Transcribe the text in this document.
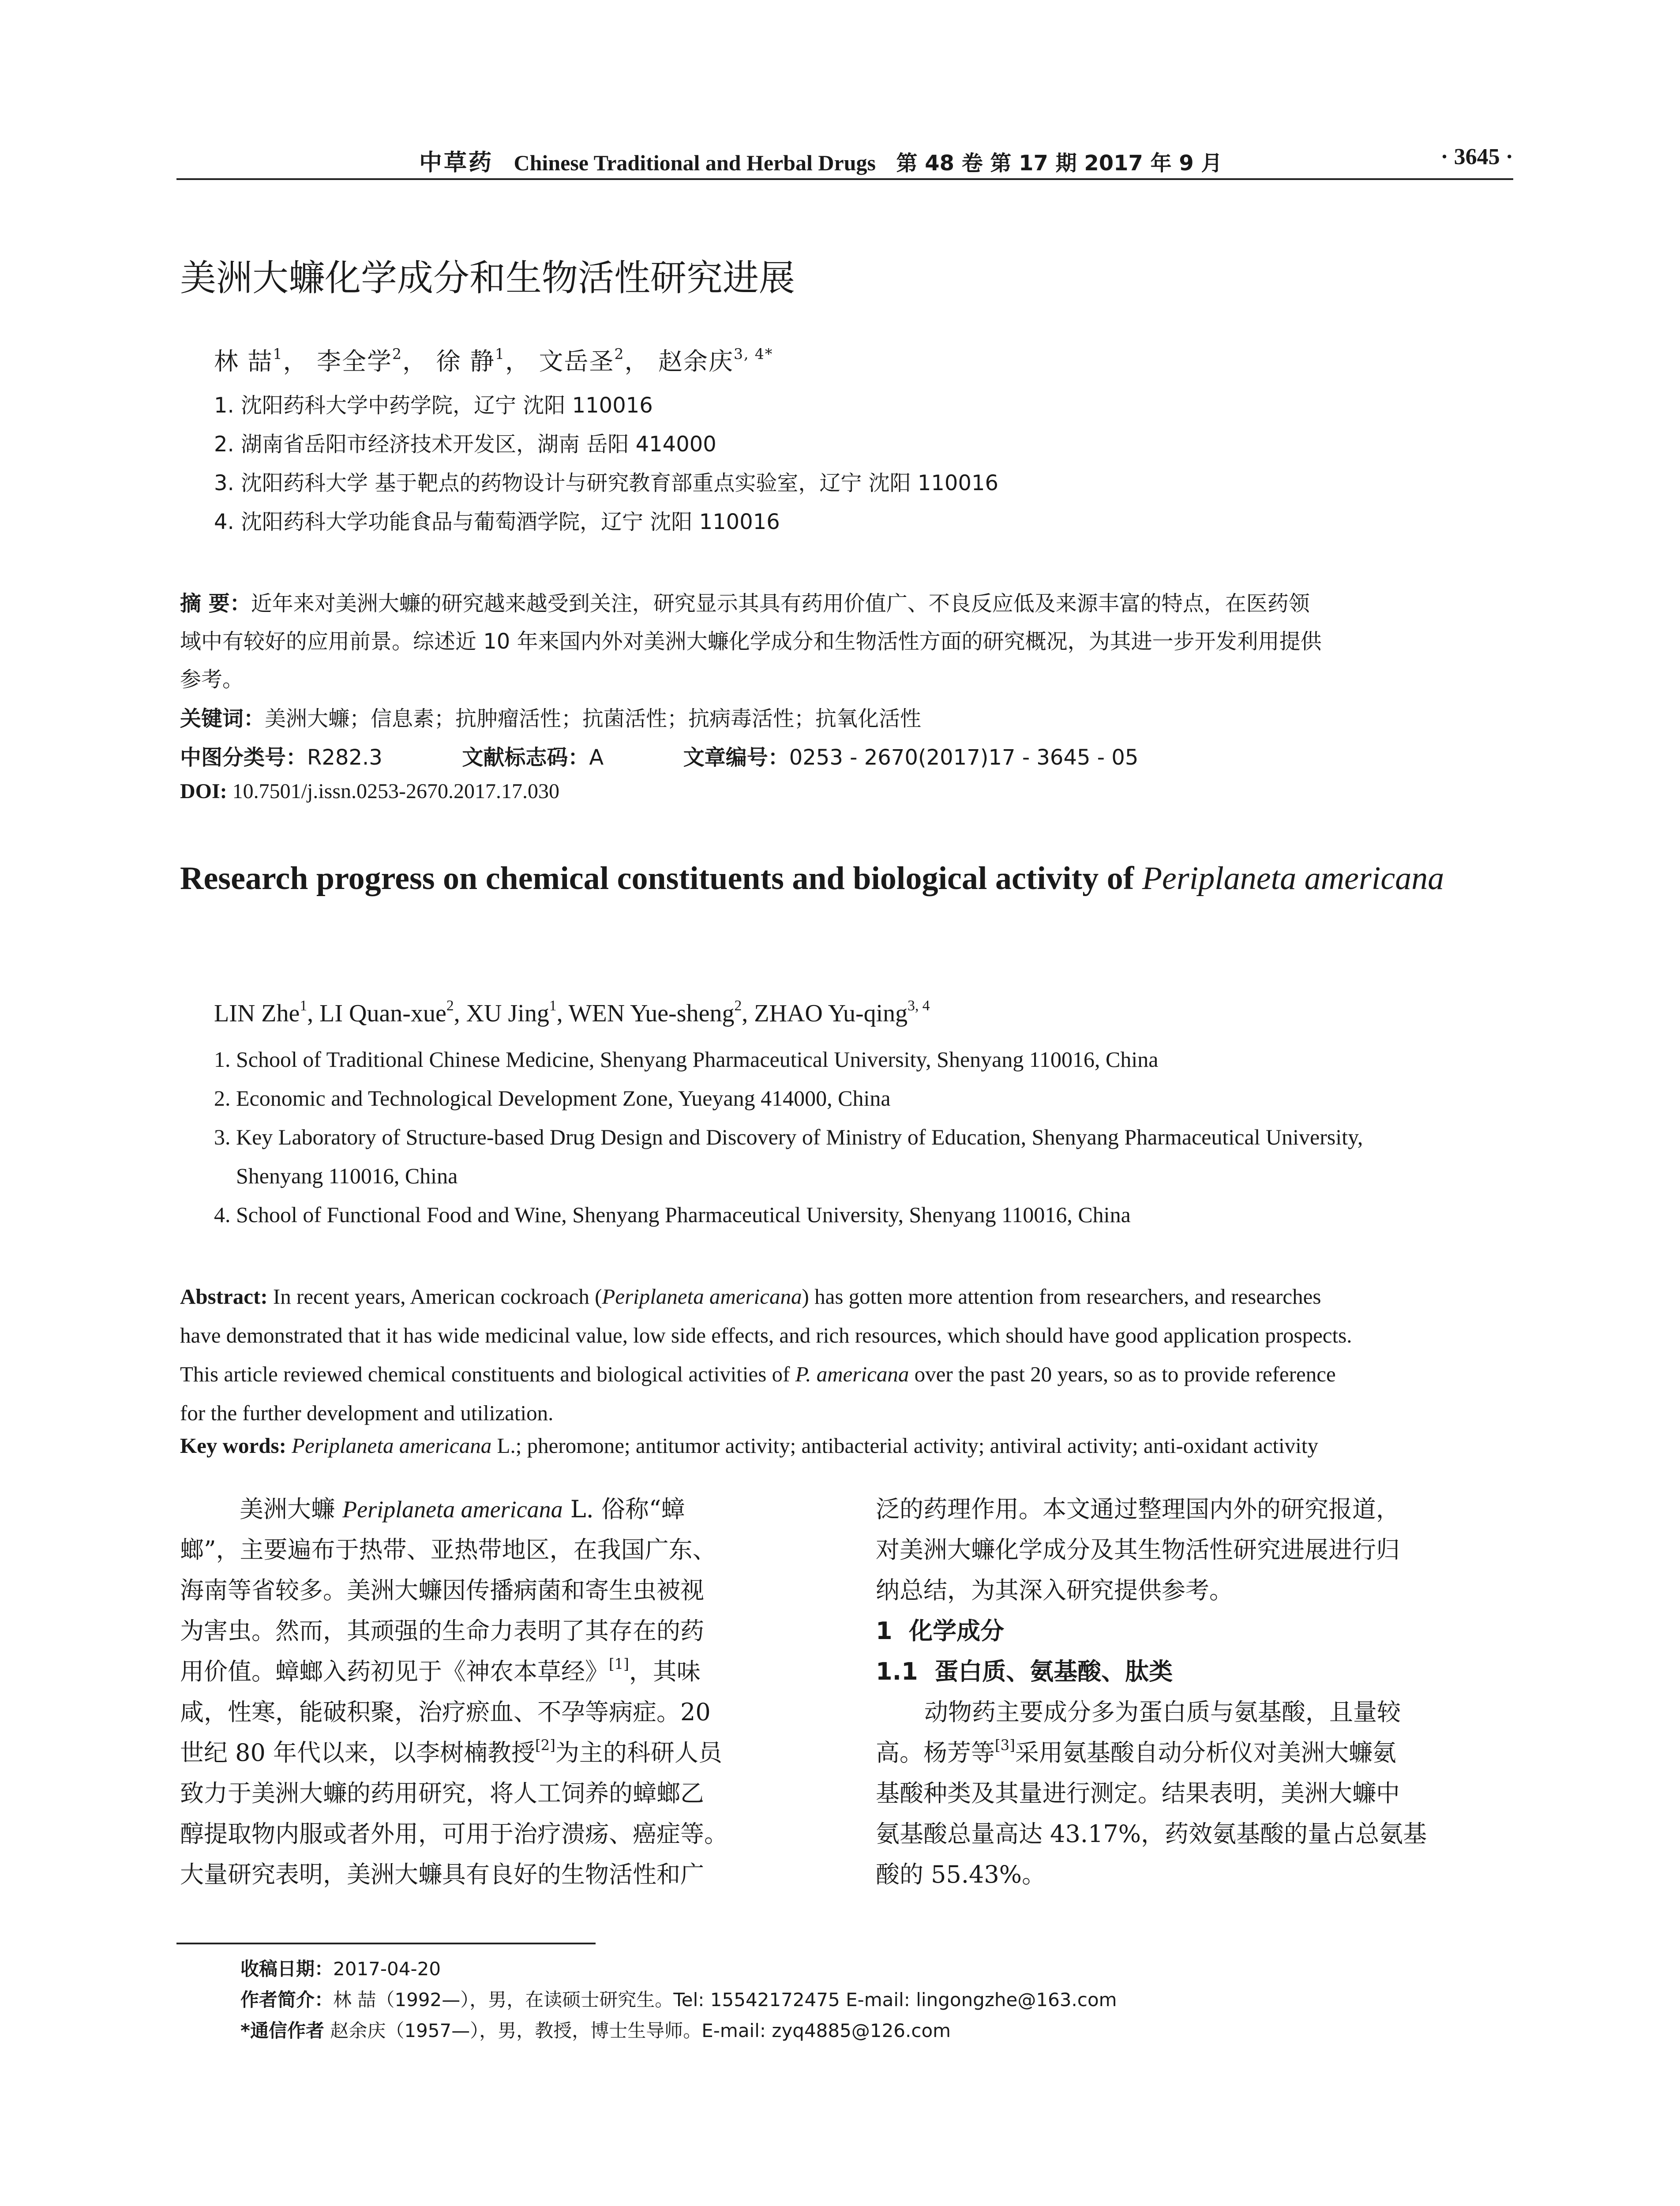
中草药 Chinese Traditional and Herbal Drugs 第 48 卷 第 17 期 2017 年 9 月	· 3645 ·
美洲大蠊化学成分和生物活性研究进展
林 喆$^1$， 李全学$^2$， 徐 静$^1$， 文岳圣$^2$， 赵余庆$^{3, 4*}$
1. 沈阳药科大学中药学院，辽宁 沈阳 110016
2. 湖南省岳阳市经济技术开发区，湖南 岳阳 414000
3. 沈阳药科大学 基于靶点的药物设计与研究教育部重点实验室，辽宁 沈阳 110016
4. 沈阳药科大学功能食品与葡萄酒学院，辽宁 沈阳 110016
摘 要：近年来对美洲大蠊的研究越来越受到关注，研究显示其具有药用价值广、不良反应低及来源丰富的特点，在医药领
域中有较好的应用前景。综述近 10 年来国内外对美洲大蠊化学成分和生物活性方面的研究概况，为其进一步开发利用提供
参考。
关键词：美洲大蠊；信息素；抗肿瘤活性；抗菌活性；抗病毒活性；抗氧化活性
中图分类号：R282.3	文献标志码：A	文章编号：0253 - 2670(2017)17 - 3645 - 05
DOI: 10.7501/j.issn.0253-2670.2017.17.030
Research progress on chemical constituents and biological activity of Periplaneta americana
LIN Zhe$^1$, LI Quan-xue$^2$, XU Jing$^1$, WEN Yue-sheng$^2$, ZHAO Yu-qing$^{3, 4}$
1. School of Traditional Chinese Medicine, Shenyang Pharmaceutical University, Shenyang 110016, China
2. Economic and Technological Development Zone, Yueyang 414000, China
3. Key Laboratory of Structure-based Drug Design and Discovery of Ministry of Education, Shenyang Pharmaceutical University,
Shenyang 110016, China
4. School of Functional Food and Wine, Shenyang Pharmaceutical University, Shenyang 110016, China
Abstract: In recent years, American cockroach (Periplaneta americana) has gotten more attention from researchers, and researches
have demonstrated that it has wide medicinal value, low side effects, and rich resources, which should have good application prospects.
This article reviewed chemical constituents and biological activities of P. americana over the past 20 years, so as to provide reference
for the further development and utilization.
Key words: Periplaneta americana L.; pheromone; antitumor activity; antibacterial activity; antiviral activity; anti-oxidant activity
美洲大蠊 Periplaneta americana L. 俗称“蟑
螂”，主要遍布于热带、亚热带地区，在我国广东、
海南等省较多。美洲大蠊因传播病菌和寄生虫被视
为害虫。然而，其顽强的生命力表明了其存在的药
用价值。蟑螂入药初见于《神农本草经》[1]，其味
咸，性寒，能破积聚，治疗瘀血、不孕等病症。20
世纪 80 年代以来，以李树楠教授[2]为主的科研人员
致力于美洲大蠊的药用研究，将人工饲养的蟑螂乙
醇提取物内服或者外用，可用于治疗溃疡、癌症等。
大量研究表明，美洲大蠊具有良好的生物活性和广
泛的药理作用。本文通过整理国内外的研究报道，
对美洲大蠊化学成分及其生物活性研究进展进行归
纳总结，为其深入研究提供参考。
1  化学成分
1.1  蛋白质、氨基酸、肽类
动物药主要成分多为蛋白质与氨基酸，且量较
高。杨芳等[3]采用氨基酸自动分析仪对美洲大蠊氨
基酸种类及其量进行测定。结果表明，美洲大蠊中
氨基酸总量高达 43.17%，药效氨基酸的量占总氨基
酸的 55.43%。
收稿日期：2017-04-20
作者简介：林 喆（1992—），男，在读硕士研究生。Tel: 15542172475 E-mail: lingongzhe@163.com
*通信作者 赵余庆（1957—），男，教授，博士生导师。E-mail: zyq4885@126.com
